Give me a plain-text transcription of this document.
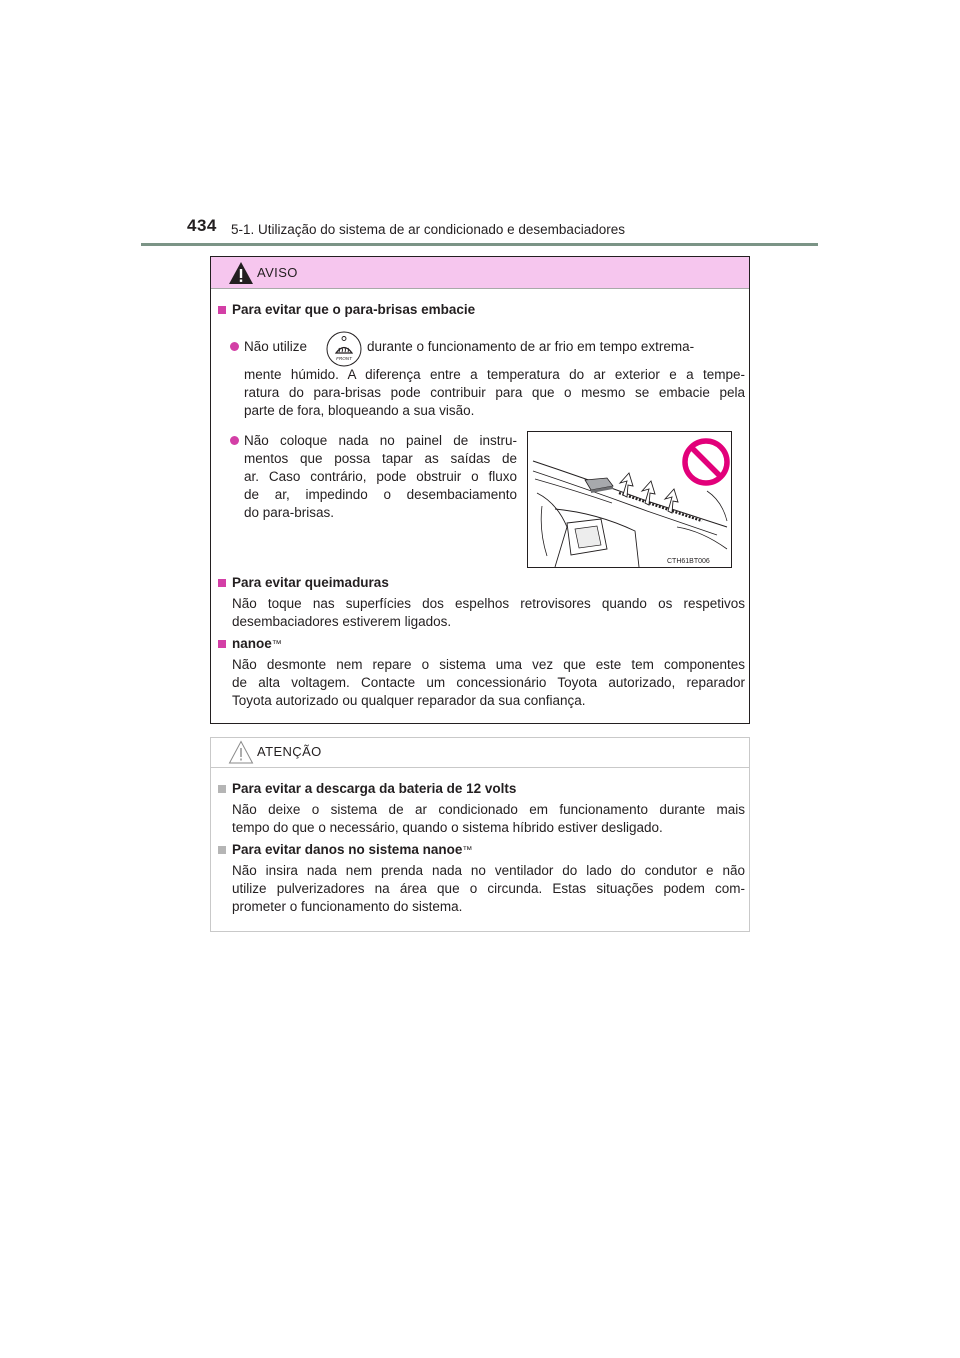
434 5-1. Utilização do sistema de ar condicionado e desembaciadores
AVISO
Para evitar que o para-brisas embacie
Não utilize
FRONT
durante o funcionamento de ar frio em tempo extrema-
mente húmido. A diferença entre a temperatura do ar exterior e a tempe-
ratura do para-brisas pode contribuir para que o mesmo se embacie pela
parte de fora, bloqueando a sua visão.
Não coloque nada no painel de instru-
mentos que possa tapar as saídas de
ar. Caso contrário, pode obstruir o fluxo
de ar, impedindo o desembaciamento
do para-brisas.
CTH61BT006
Para evitar queimaduras
Não toque nas superfícies dos espelhos retrovisores quando os respetivos
desembaciadores estiverem ligados.
nanoe™
Não desmonte nem repare o sistema uma vez que este tem componentes
de alta voltagem. Contacte um concessionário Toyota autorizado, reparador
Toyota autorizado ou qualquer reparador da sua confiança.
ATENÇÃO
Para evitar a descarga da bateria de 12 volts
Não deixe o sistema de ar condicionado em funcionamento durante mais
tempo do que o necessário, quando o sistema híbrido estiver desligado.
Para evitar danos no sistema nanoe™
Não insira nada nem prenda nada no ventilador do lado do condutor e não
utilize pulverizadores na área que o circunda. Estas situações podem com-
prometer o funcionamento do sistema.
